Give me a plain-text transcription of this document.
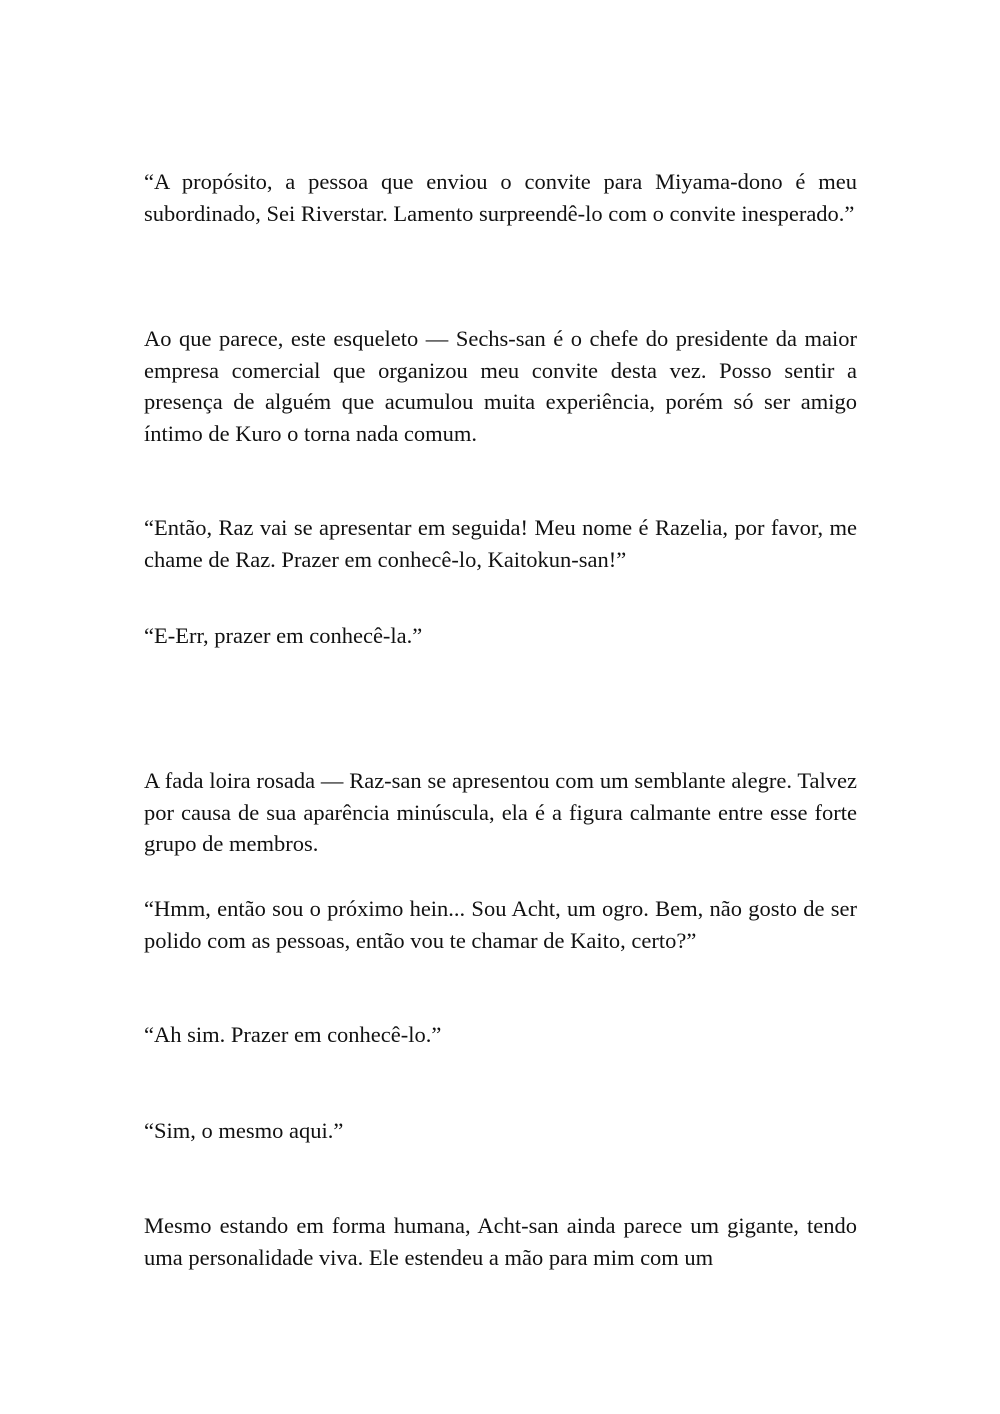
“A propósito, a pessoa que enviou o convite para Miyama-dono é meu subordinado, Sei Riverstar. Lamento surpreendê-lo com o convite inesperado.”

Ao que parece, este esqueleto — Sechs-san é o chefe do presidente da maior empresa comercial que organizou meu convite desta vez. Posso sentir a presença de alguém que acumulou muita experiência, porém só ser amigo íntimo de Kuro o torna nada comum.

“Então, Raz vai se apresentar em seguida! Meu nome é Razelia, por favor, me chame de Raz. Prazer em conhecê-lo, Kaitokun-san!”

“E-Err, prazer em conhecê-la.”

A fada loira rosada — Raz-san se apresentou com um semblante alegre. Talvez por causa de sua aparência minúscula, ela é a figura calmante entre esse forte grupo de membros.

“Hmm, então sou o próximo hein... Sou Acht, um ogro. Bem, não gosto de ser polido com as pessoas, então vou te chamar de Kaito, certo?”

“Ah sim. Prazer em conhecê-lo.”

“Sim, o mesmo aqui.”

Mesmo estando em forma humana, Acht-san ainda parece um gigante, tendo uma personalidade viva. Ele estendeu a mão para mim com um
